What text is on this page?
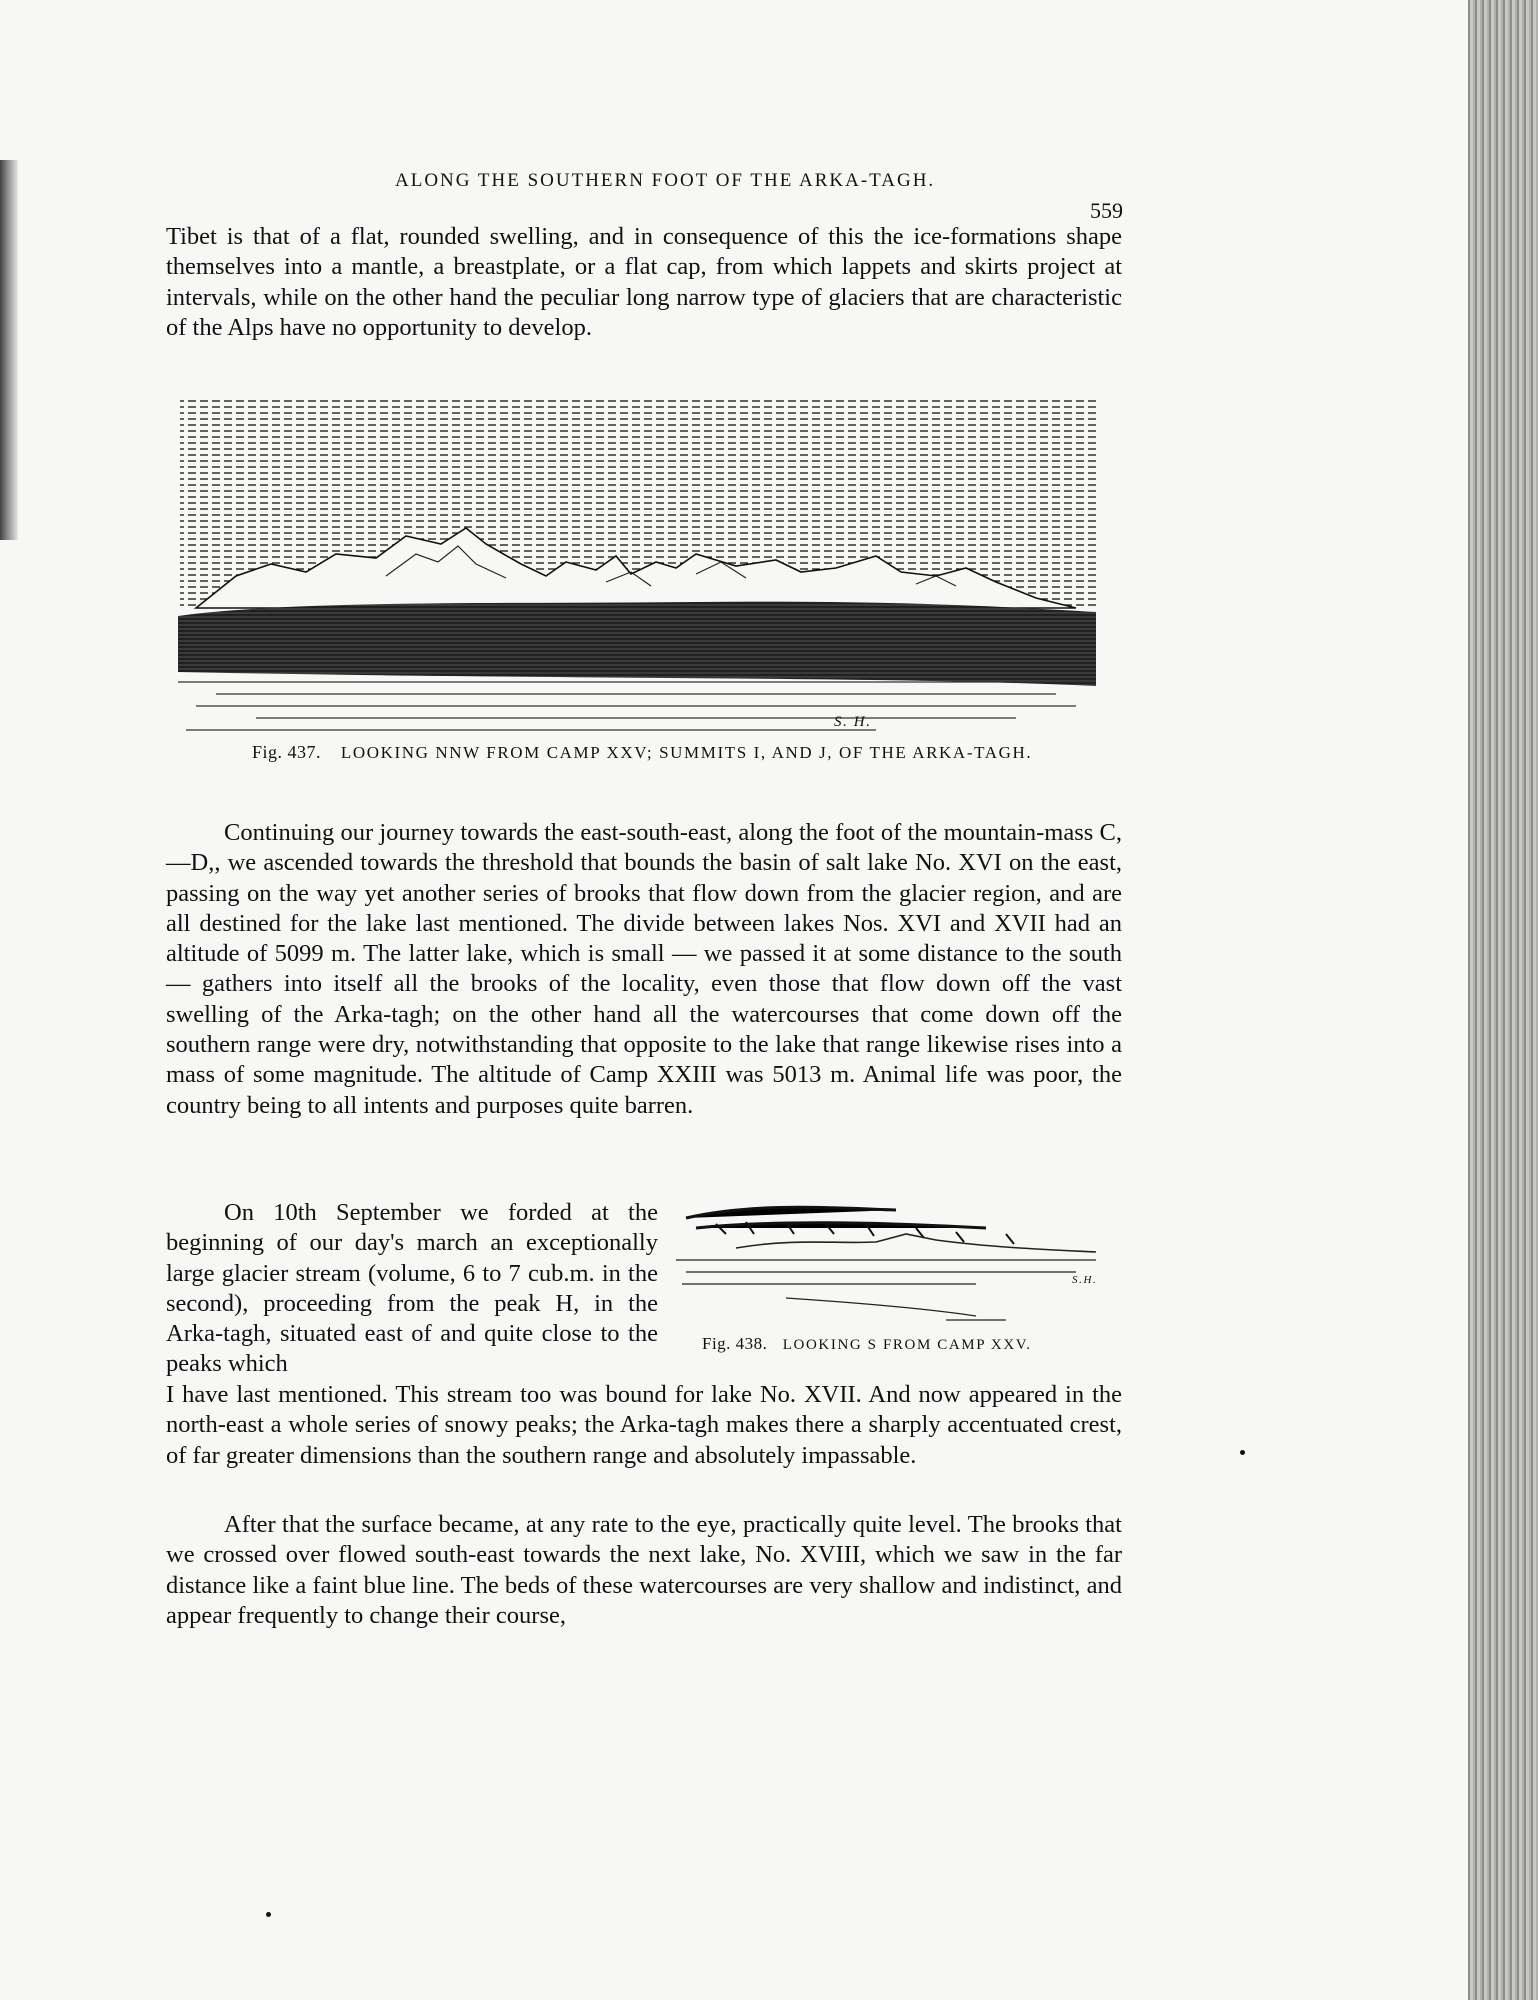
ALONG THE SOUTHERN FOOT OF THE ARKA-TAGH.
559

Tibet is that of a flat, rounded swelling, and in consequence of this the ice-formations shape themselves into a mantle, a breastplate, or a flat cap, from which lappets and skirts project at intervals, while on the other hand the peculiar long narrow type of glaciers that are characteristic of the Alps have no opportunity to develop.

S. H.
Fig. 437. LOOKING NNW FROM CAMP XXV; SUMMITS I, AND J, OF THE ARKA-TAGH.

Continuing our journey towards the east-south-east, along the foot of the mountain-mass C,—D,, we ascended towards the threshold that bounds the basin of salt lake No. XVI on the east, passing on the way yet another series of brooks that flow down from the glacier region, and are all destined for the lake last mentioned. The divide between lakes Nos. XVI and XVII had an altitude of 5099 m. The latter lake, which is small — we passed it at some distance to the south — gathers into itself all the brooks of the locality, even those that flow down off the vast swelling of the Arka-tagh; on the other hand all the watercourses that come down off the southern range were dry, notwithstanding that opposite to the lake that range likewise rises into a mass of some magnitude. The altitude of Camp XXIII was 5013 m. Animal life was poor, the country being to all intents and purposes quite barren.

S.H.
Fig. 438. LOOKING S FROM CAMP XXV.

On 10th September we forded at the beginning of our day's march an exceptionally large glacier stream (volume, 6 to 7 cub.m. in the second), proceeding from the peak H, in the Arka-tagh, situated east of and quite close to the peaks which

I have last mentioned. This stream too was bound for lake No. XVII. And now appeared in the north-east a whole series of snowy peaks; the Arka-tagh makes there a sharply accentuated crest, of far greater dimensions than the southern range and absolutely impassable.

After that the surface became, at any rate to the eye, practically quite level. The brooks that we crossed over flowed south-east towards the next lake, No. XVIII, which we saw in the far distance like a faint blue line. The beds of these watercourses are very shallow and indistinct, and appear frequently to change their course,
